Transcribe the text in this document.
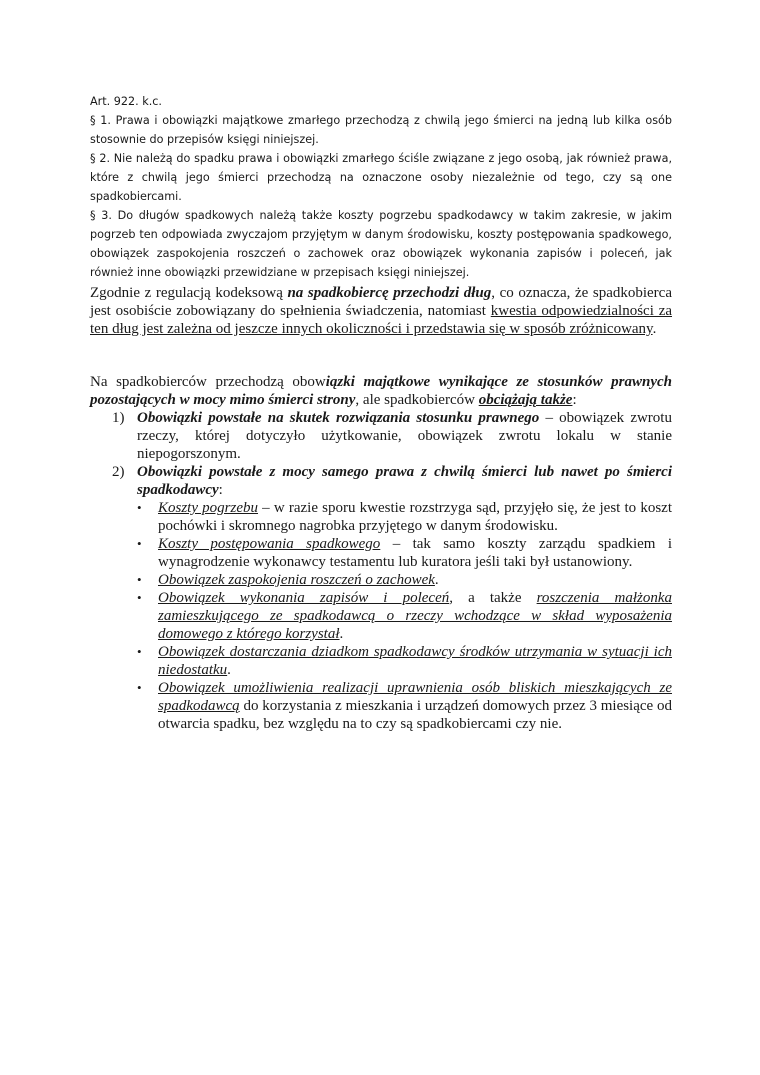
Art. 922. k.c.

§ 1. Prawa i obowiązki majątkowe zmarłego przechodzą z chwilą jego śmierci na jedną lub kilka osób stosownie do przepisów księgi niniejszej.

§ 2. Nie należą do spadku prawa i obowiązki zmarłego ściśle związane z jego osobą, jak również prawa, które z chwilą jego śmierci przechodzą na oznaczone osoby niezależnie od tego, czy są one spadkobiercami.

§ 3. Do długów spadkowych należą także koszty pogrzebu spadkodawcy w takim zakresie, w jakim pogrzeb ten odpowiada zwyczajom przyjętym w danym środowisku, koszty postępowania spadkowego, obowiązek zaspokojenia roszczeń o zachowek oraz obowiązek wykonania zapisów i poleceń, jak również inne obowiązki przewidziane w przepisach księgi niniejszej.

Zgodnie z regulacją kodeksową na spadkobiercę przechodzi dług, co oznacza, że spadkobierca jest osobiście zobowiązany do spełnienia świadczenia, natomiast kwestia odpowiedzialności za ten dług jest zależna od jeszcze innych okoliczności i przedstawia się w sposób zróżnicowany.

Na spadkobierców przechodzą obowiązki majątkowe wynikające ze stosunków prawnych pozostających w mocy mimo śmierci strony, ale spadkobierców obciążają także:

1) Obowiązki powstałe na skutek rozwiązania stosunku prawnego – obowiązek zwrotu rzeczy, której dotyczyło użytkowanie, obowiązek zwrotu lokalu w stanie niepogorszonym.
2) Obowiązki powstałe z mocy samego prawa z chwilą śmierci lub nawet po śmierci spadkodawcy:
• Koszty pogrzebu – w razie sporu kwestie rozstrzyga sąd, przyjęło się, że jest to koszt pochówki i skromnego nagrobka przyjętego w danym środowisku.
• Koszty postępowania spadkowego – tak samo koszty zarządu spadkiem i wynagrodzenie wykonawcy testamentu lub kuratora jeśli taki był ustanowiony.
• Obowiązek zaspokojenia roszczeń o zachowek.
• Obowiązek wykonania zapisów i poleceń, a także roszczenia małżonka zamieszkującego ze spadkodawcą o rzeczy wchodzące w skład wyposażenia domowego z którego korzystał.
• Obowiązek dostarczania dziadkom spadkodawcy środków utrzymania w sytuacji ich niedostatku.
• Obowiązek umożliwienia realizacji uprawnienia osób bliskich mieszkających ze spadkodawcą do korzystania z mieszkania i urządzeń domowych przez 3 miesiące od otwarcia spadku, bez względu na to czy są spadkobiercami czy nie.
